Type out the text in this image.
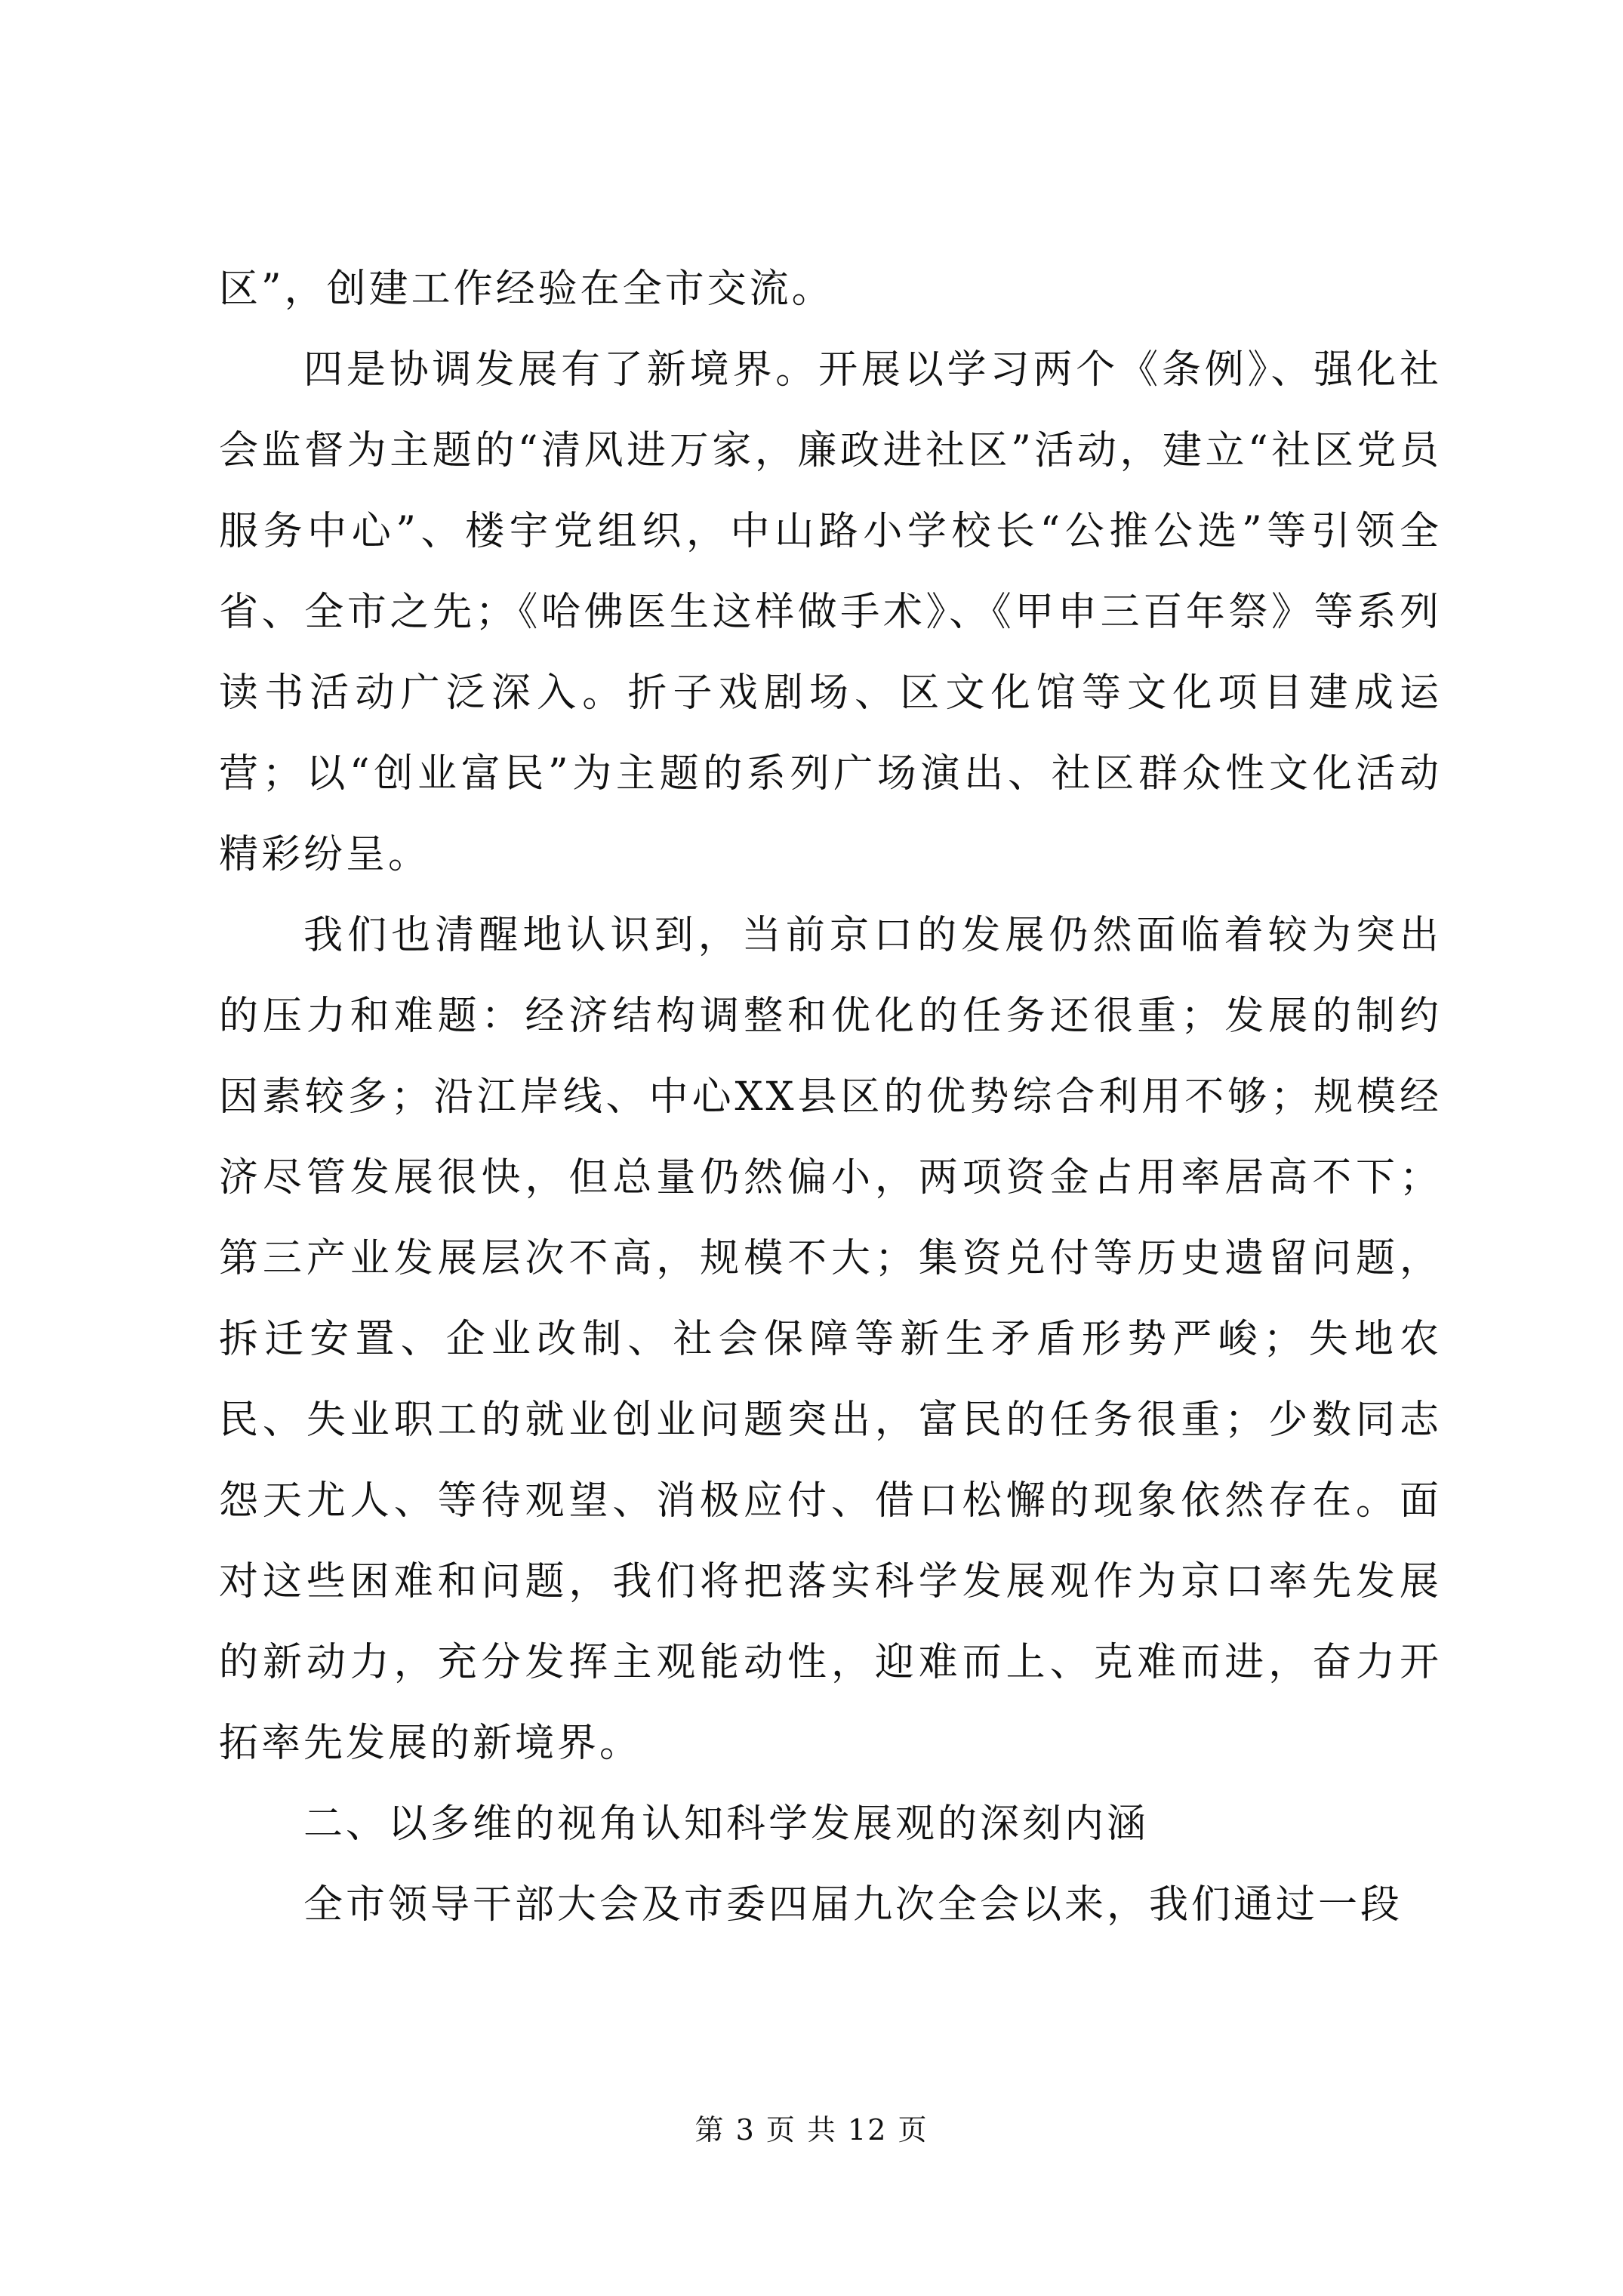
区”，创建工作经验在全市交流。

四是协调发展有了新境界。开展以学习两个《条例》、强化社会监督为主题的“清风进万家，廉政进社区”活动，建立“社区党员服务中心”、楼宇党组织，中山路小学校长“公推公选”等引领全省、全市之先；《哈佛医生这样做手术》、《甲申三百年祭》等系列读书活动广泛深入。折子戏剧场、区文化馆等文化项目建成运营；以“创业富民”为主题的系列广场演出、社区群众性文化活动精彩纷呈。

我们也清醒地认识到，当前京口的发展仍然面临着较为突出的压力和难题：经济结构调整和优化的任务还很重；发展的制约因素较多；沿江岸线、中心XX县区的优势综合利用不够；规模经济尽管发展很快，但总量仍然偏小，两项资金占用率居高不下；第三产业发展层次不高，规模不大；集资兑付等历史遗留问题，拆迁安置、企业改制、社会保障等新生矛盾形势严峻；失地农民、失业职工的就业创业问题突出，富民的任务很重；少数同志怨天尤人、等待观望、消极应付、借口松懈的现象依然存在。面对这些困难和问题，我们将把落实科学发展观作为京口率先发展的新动力，充分发挥主观能动性，迎难而上、克难而进，奋力开拓率先发展的新境界。

二、以多维的视角认知科学发展观的深刻内涵

全市领导干部大会及市委四届九次全会以来，我们通过一段

第 3 页 共 12 页
